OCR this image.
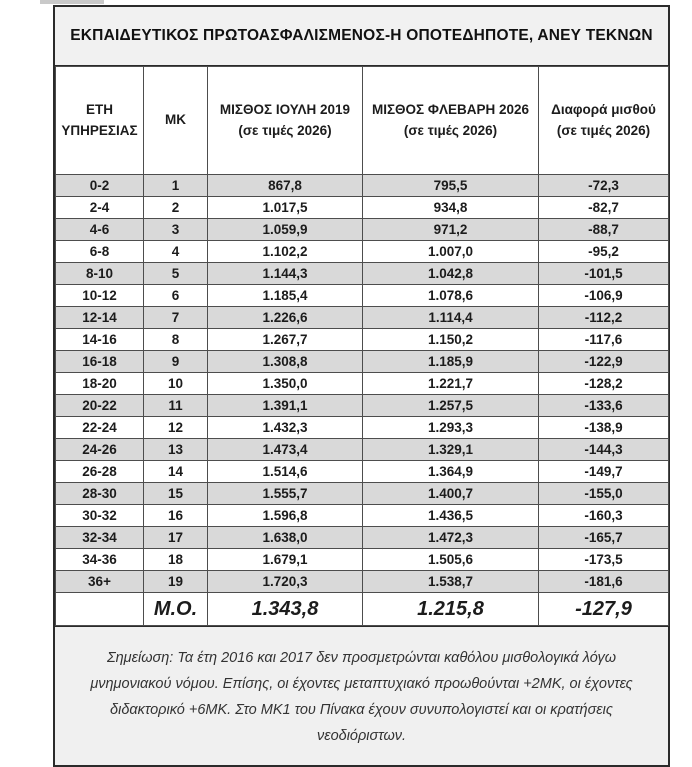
ΕΚΠΑΙΔΕΥΤΙΚΟΣ ΠΡΩΤΟΑΣΦΑΛΙΣΜΕΝΟΣ-Η ΟΠΟΤΕΔΗΠΟΤΕ, ΑΝΕΥ ΤΕΚΝΩΝ
ΕΤΗ
ΥΠΗΡΕΣΙΑΣ

ΜΚ

ΜΙΣΘΟΣ ΙΟΥΛΗ 2019
(σε τιμές 2026)

ΜΙΣΘΟΣ ΦΛΕΒΑΡΗ 2026
(σε τιμές 2026)

Διαφορά μισθού
(σε τιμές 2026)

0-2	1	867,8	795,5	-72,3
2-4	2	1.017,5	934,8	-82,7
4-6	3	1.059,9	971,2	-88,7
6-8	4	1.102,2	1.007,0	-95,2
8-10	5	1.144,3	1.042,8	-101,5
10-12	6	1.185,4	1.078,6	-106,9
12-14	7	1.226,6	1.114,4	-112,2
14-16	8	1.267,7	1.150,2	-117,6
16-18	9	1.308,8	1.185,9	-122,9
18-20	10	1.350,0	1.221,7	-128,2
20-22	11	1.391,1	1.257,5	-133,6
22-24	12	1.432,3	1.293,3	-138,9
24-26	13	1.473,4	1.329,1	-144,3
26-28	14	1.514,6	1.364,9	-149,7
28-30	15	1.555,7	1.400,7	-155,0
30-32	16	1.596,8	1.436,5	-160,3
32-34	17	1.638,0	1.472,3	-165,7
34-36	18	1.679,1	1.505,6	-173,5
36+	19	1.720,3	1.538,7	-181,6
	Μ.Ο.	1.343,8	1.215,8	-127,9
Σημείωση: Τα έτη 2016 και 2017 δεν προσμετρώνται καθόλου μισθολογικά λόγω μνημονιακού νόμου. Επίσης, οι έχοντες μεταπτυχιακό προωθούνται +2ΜΚ, οι έχοντες διδακτορικό +6ΜΚ. Στο ΜΚ1 του Πίνακα έχουν συνυπολογιστεί και οι κρατήσεις νεοδιόριστων.
